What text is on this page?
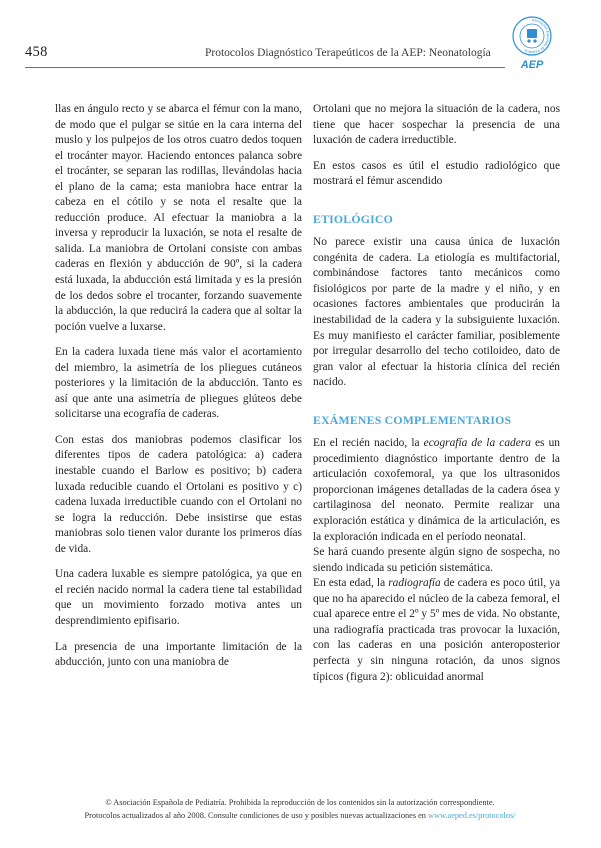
458	Protocolos Diagnóstico Terapeúticos de la AEP: Neonatología
Asociación Española de Pediatría
AEP

llas en ángulo recto y se abarca el fémur con la mano, de modo que el pulgar se sitúe en la cara interna del muslo y los pulpejos de los otros cuatro dedos toquen el trocánter mayor. Haciendo entonces palanca sobre el trocánter, se separan las rodillas, llevándolas hacia el plano de la cama; esta maniobra hace entrar la cabeza en el cótilo y se nota el resalte que la reducción produce. Al efectuar la maniobra a la inversa y reproducir la luxación, se nota el resalte de salida. La maniobra de Ortolani consiste con ambas caderas en flexión y abducción de 90º, si la cadera está luxada, la abducción está limitada y es la presión de los dedos sobre el trocanter, forzando suavemente la abducción, la que reducirá la cadera que al soltar la poción vuelve a luxarse.

En la cadera luxada tiene más valor el acortamiento del miembro, la asimetría de los pliegues cutáneos posteriores y la limitación de la abducción. Tanto es así que ante una asimetría de pliegues glúteos debe solicitarse una ecografía de caderas.

Con estas dos maniobras podemos clasificar los diferentes tipos de cadera patológica: a) cadera inestable cuando el Barlow es positivo; b) cadera luxada reducible cuando el Ortolani es positivo y c) cadena luxada irreductible cuando con el Ortolani no se logra la reducción. Debe insistirse que estas maniobras solo tienen valor durante los primeros días de vida.

Una cadera luxable es siempre patológica, ya que en el recién nacido normal la cadera tiene tal estabilidad que un movimiento forzado motiva antes un desprendimiento epifisario.

La presencia de una importante limitación de la abducción, junto con una maniobra de

Ortolani que no mejora la situación de la cadera, nos tiene que hacer sospechar la presencia de una luxación de cadera irreductible.

En estos casos es útil el estudio radiológico que mostrará el fémur ascendido

ETIOLÓGICO

No parece existir una causa única de luxación congénita de cadera. La etiología es multifactorial, combinándose factores tanto mecánicos como fisiológicos por parte de la madre y el niño, y en ocasiones factores ambientales que producirán la inestabilidad de la cadera y la subsiguiente luxación. Es muy manifiesto el carácter familiar, posiblemente por irregular desarrollo del techo cotiloideo, dato de gran valor al efectuar la historia clínica del recién nacido.

EXÁMENES COMPLEMENTARIOS

En el recién nacido, la ecografía de la cadera es un procedimiento diagnóstico importante dentro de la articulación coxofemoral, ya que los ultrasonidos proporcionan imágenes detalladas de la cadera ósea y cartilaginosa del neonato. Permite realizar una exploración estática y dinámica de la articulación, es la exploración indicada en el período neonatal.

Se hará cuando presente algún signo de sospecha, no siendo indicada su petición sistemática.

En esta edad, la radiografía de cadera es poco útil, ya que no ha aparecido el núcleo de la cabeza femoral, el cual aparece entre el 2º y 5º mes de vida. No obstante, una radiografía practicada tras provocar la luxación, con las caderas en una posición anteroposterior perfecta y sin ninguna rotación, da unos signos típicos (figura 2): oblicuidad anormal

© Asociación Española de Pediatría. Prohibida la reproducción de los contenidos sin la autorización correspondiente.
Protocolos actualizados al año 2008. Consulte condiciones de uso y posibles nuevas actualizaciones en www.aeped.es/protocolos/
